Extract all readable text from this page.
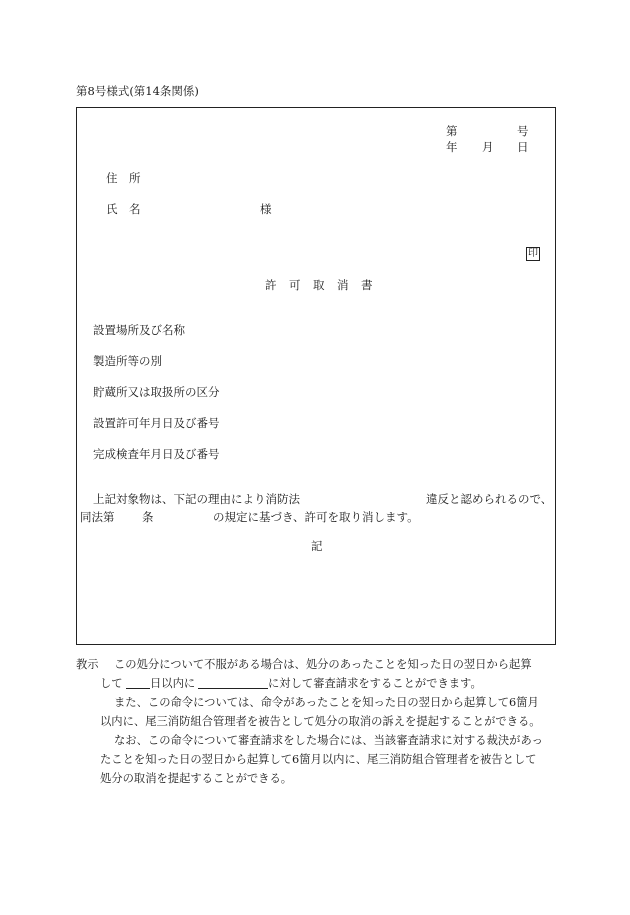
第8号様式(第14条関係)
第	号
年 月 日
住　所
氏　名	様
印
許 可 取 消 書
設置場所及び名称
製造所等の別
貯蔵所又は取扱所の区分
設置許可年月日及び番号
完成検査年月日及び番号
上記対象物は、下記の理由により消防法	違反と認められるので、
同法第 条	の規定に基づき、許可を取り消します。
記
教示 この処分について不服がある場合は、処分のあったことを知った日の翌日から起算
して 日以内に	に対して審査請求をすることができます。
また、この命令については、命令があったことを知った日の翌日から起算して6箇月
以内に、尾三消防組合管理者を被告として処分の取消の訴えを提起することができる。
なお、この命令について審査請求をした場合には、当該審査請求に対する裁決があっ
たことを知った日の翌日から起算して6箇月以内に、尾三消防組合管理者を被告として
処分の取消を提起することができる。
